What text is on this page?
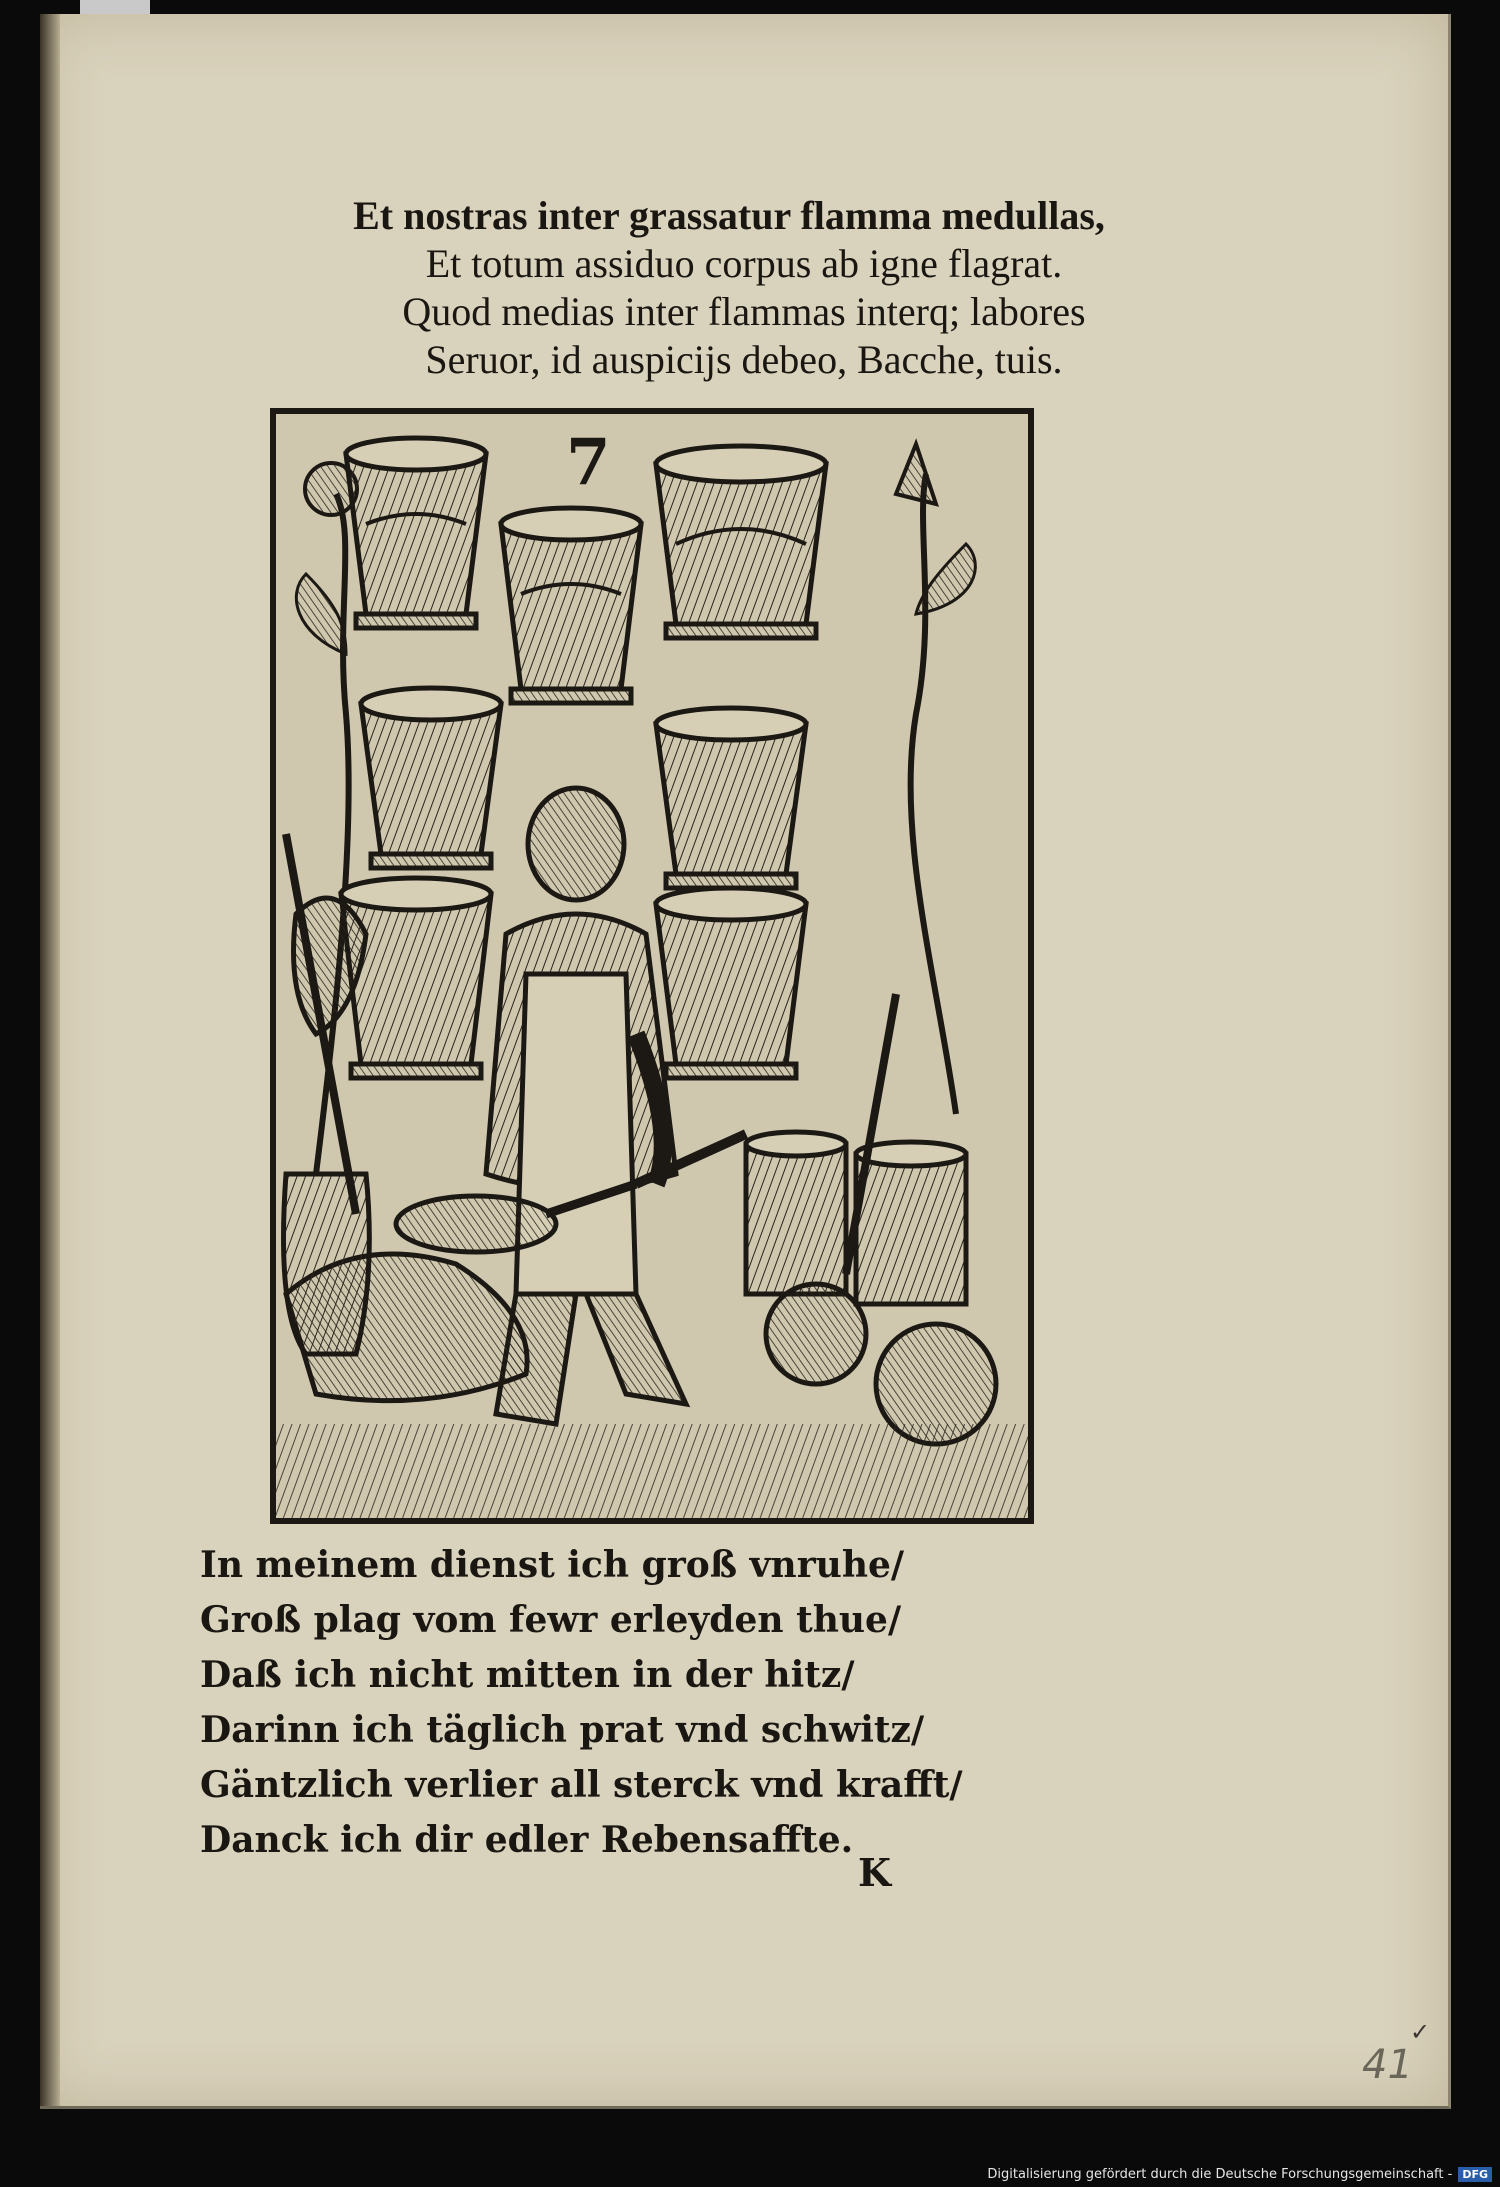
Et nostras inter grassatur flamma medullas,
Et totum assiduo corpus ab igne flagrat.
Quod medias inter flammas interq; labores
Seruor, id auspicijs debeo, Bacche, tuis.
7
In meinem dienst ich groß vnruhe/
Groß plag vom fewr erleyden thue/
Daß ich nicht mitten in der hitz/
Darinn ich täglich prat vnd schwitz/
Gäntzlich verlier all sterck vnd krafft/
Danck ich dir edler Rebensaffte.
K
✓
41
Digitalisierung gefördert durch die Deutsche Forschungsgemeinschaft - DFG
